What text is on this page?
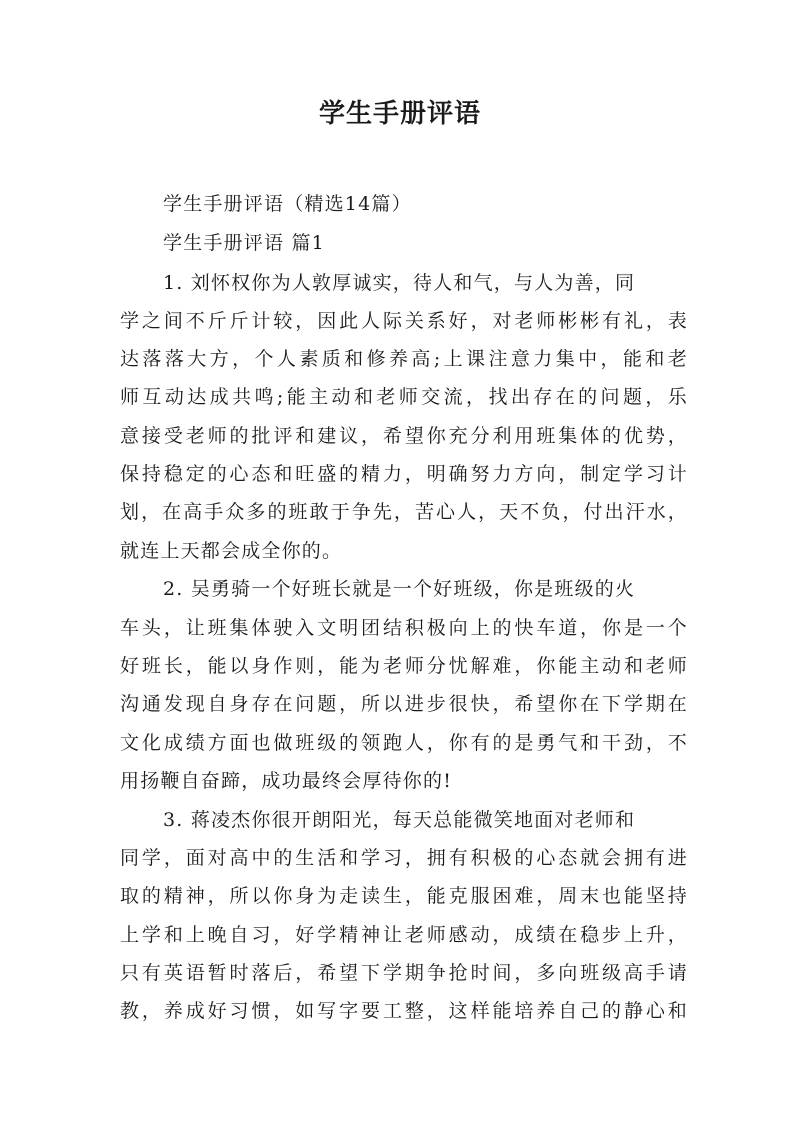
学生手册评语
学生手册评语（精选14篇）
学生手册评语 篇1
1. 刘怀权你为人敦厚诚实，待人和气，与人为善，同
学之间不斤斤计较，因此人际关系好，对老师彬彬有礼，表
达落落大方，个人素质和修养高;上课注意力集中，能和老
师互动达成共鸣;能主动和老师交流，找出存在的问题，乐
意接受老师的批评和建议，希望你充分利用班集体的优势，
保持稳定的心态和旺盛的精力，明确努力方向，制定学习计
划，在高手众多的班敢于争先，苦心人，天不负，付出汗水，
就连上天都会成全你的。
2. 吴勇骑一个好班长就是一个好班级，你是班级的火
车头，让班集体驶入文明团结积极向上的快车道，你是一个
好班长，能以身作则，能为老师分忧解难，你能主动和老师
沟通发现自身存在问题，所以进步很快，希望你在下学期在
文化成绩方面也做班级的领跑人，你有的是勇气和干劲，不
用扬鞭自奋蹄，成功最终会厚待你的!
3. 蒋凌杰你很开朗阳光，每天总能微笑地面对老师和
同学，面对高中的生活和学习，拥有积极的心态就会拥有进
取的精神，所以你身为走读生，能克服困难，周末也能坚持
上学和上晚自习，好学精神让老师感动，成绩在稳步上升，
只有英语暂时落后，希望下学期争抢时间，多向班级高手请
教，养成好习惯，如写字要工整，这样能培养自己的静心和
